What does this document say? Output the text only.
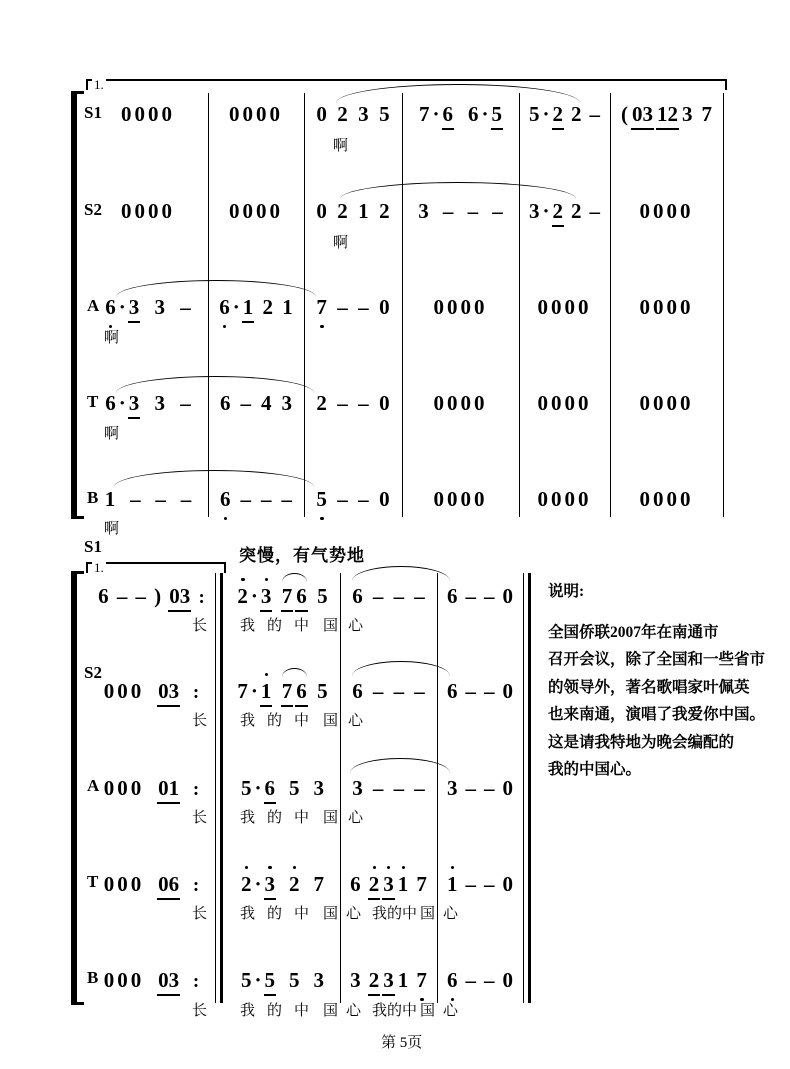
突慢，有气势地
说明:
全国侨联2007年在南通市
召开会议，除了全国和一些省市
的领导外，著名歌唱家叶佩英
也来南通，演唱了我爱你中国。
这是请我特地为晚会编配的
我的中国心。
第 5页
1.
S1 0000	0000 0 2 3 5 7 · 6 6 · 5 5 · 2 2 – ( 03 12 3 7
啊
S2 0000	0000 0 2 1 2 3 – – – 3 · 2 2 – 0000
啊
A 6 · 3 3 – 6 · 1 2 1 7 – – 0 0000 0000 0000
啊
T 6 · 3 3 – 6 – 4 3 2 – – 0 0000 0000 0000
啊
B 1 – – – 6 – – – 5 – – 0 0000 0000 0000
啊
1.
S1
6 – – ) 03 : 2 · 3 7 6 5 6 – – – 6 – – 0
长 我 的 中 国 心
S2
000 03 : 7 · 1 7 6 5 6 – – – 6 – – 0
长 我 的 中 国 心
A 000 01 : 5 · 6 5 3 3 – – – 3 – – 0
长 我 的 中 国 心
T 000 06 : 2 · 3 2 7 6 2 3 1 7 1 – – 0
长 我 的 中 国 心 我的中 国 心
B 000 03 : 5 · 5 5 3 3 2 3 1 7 6 – – 0
长 我 的 中 国 心 我的中 国 心
